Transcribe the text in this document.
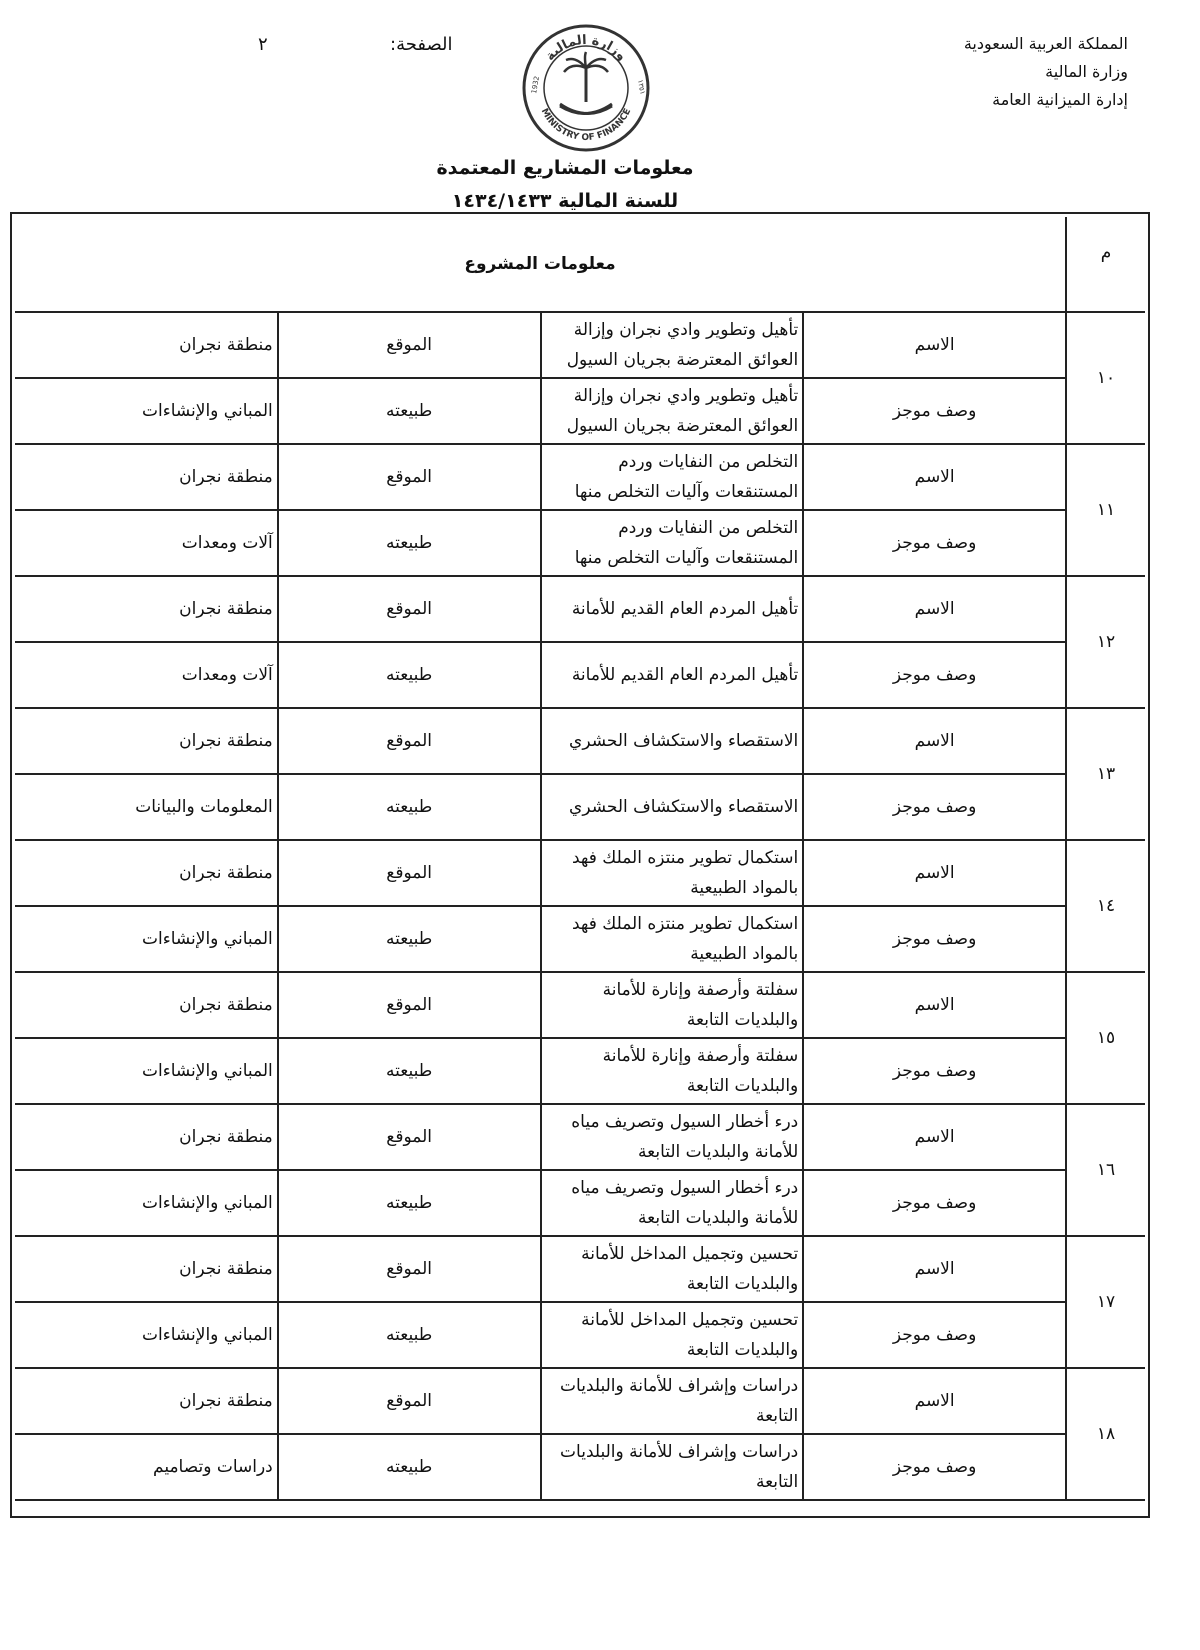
المملكة العربية السعودية
وزارة المالية
إدارة الميزانية العامة
الصفحة:
٢
وزارة المالية
MINISTRY OF FINANCE
1932	١٣٥١
معلومات المشاريع المعتمدة
للسنة المالية ١٤٣٤/١٤٣٣
م	معلومات المشروع			
١٠	الاسم	تأهيل وتطوير وادي نجران وإزالة العوائق المعترضة بجريان السيول	الموقع	منطقة نجران
	وصف موجز	تأهيل وتطوير وادي نجران وإزالة العوائق المعترضة بجريان السيول	طبيعته	المباني والإنشاءات
١١	الاسم	التخلص من النفايات وردم المستنقعات وآليات التخلص منها	الموقع	منطقة نجران
	وصف موجز	التخلص من النفايات وردم المستنقعات وآليات التخلص منها	طبيعته	آلات ومعدات
١٢	الاسم	تأهيل المردم العام القديم للأمانة	الموقع	منطقة نجران
	وصف موجز	تأهيل المردم العام القديم للأمانة	طبيعته	آلات ومعدات
١٣	الاسم	الاستقصاء والاستكشاف الحشري	الموقع	منطقة نجران
	وصف موجز	الاستقصاء والاستكشاف الحشري	طبيعته	المعلومات والبيانات
١٤	الاسم	استكمال تطوير منتزه الملك فهد بالمواد الطبيعية	الموقع	منطقة نجران
	وصف موجز	استكمال تطوير منتزه الملك فهد بالمواد الطبيعية	طبيعته	المباني والإنشاءات
١٥	الاسم	سفلتة وأرصفة وإنارة للأمانة والبلديات التابعة	الموقع	منطقة نجران
	وصف موجز	سفلتة وأرصفة وإنارة للأمانة والبلديات التابعة	طبيعته	المباني والإنشاءات
١٦	الاسم	درء أخطار السيول وتصريف مياه للأمانة والبلديات التابعة	الموقع	منطقة نجران
	وصف موجز	درء أخطار السيول وتصريف مياه للأمانة والبلديات التابعة	طبيعته	المباني والإنشاءات
١٧	الاسم	تحسين وتجميل المداخل للأمانة والبلديات التابعة	الموقع	منطقة نجران
	وصف موجز	تحسين وتجميل المداخل للأمانة والبلديات التابعة	طبيعته	المباني والإنشاءات
١٨	الاسم	دراسات وإشراف للأمانة والبلديات التابعة	الموقع	منطقة نجران
	وصف موجز	دراسات وإشراف للأمانة والبلديات التابعة	طبيعته	دراسات وتصاميم
